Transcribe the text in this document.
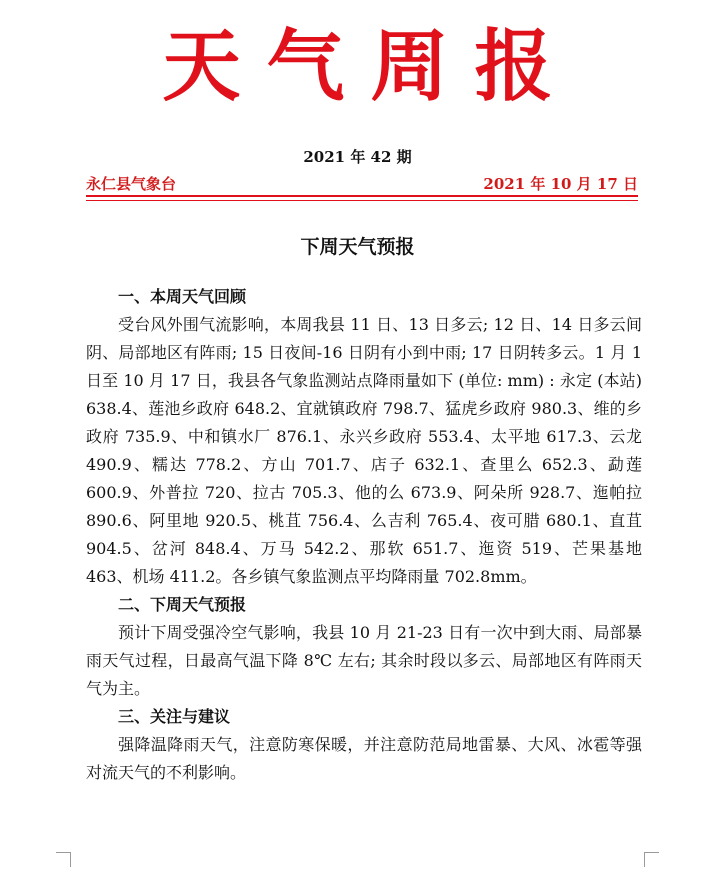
天气周报
2021 年 42 期
永仁县气象台	2021 年 10 月 17 日
下周天气预报

一、本周天气回顾

受台风外围气流影响，本周我县 11 日、13 日多云; 12 日、14 日多云间阴、局部地区有阵雨; 15 日夜间-16 日阴有小到中雨; 17 日阴转多云。1 月 1 日至 10 月 17 日，我县各气象监测站点降雨量如下 (单位: mm) : 永定 (本站) 638.4、莲池乡政府 648.2、宜就镇政府 798.7、猛虎乡政府 980.3、维的乡政府 735.9、中和镇水厂 876.1、永兴乡政府 553.4、太平地 617.3、云龙 490.9、糯达 778.2、方山 701.7、店子 632.1、查里么 652.3、勐莲 600.9、外普拉 720、拉古 705.3、他的么 673.9、阿朵所 928.7、迤帕拉 890.6、阿里地 920.5、桃苴 756.4、么吉利 765.4、夜可腊 680.1、直苴 904.5、岔河 848.4、万马 542.2、那软 651.7、迤资 519、芒果基地 463、机场 411.2。各乡镇气象监测点平均降雨量 702.8mm。

二、下周天气预报

预计下周受强冷空气影响，我县 10 月 21-23 日有一次中到大雨、局部暴雨天气过程，日最高气温下降 8℃ 左右; 其余时段以多云、局部地区有阵雨天气为主。

三、关注与建议

强降温降雨天气，注意防寒保暖，并注意防范局地雷暴、大风、冰雹等强对流天气的不利影响。
